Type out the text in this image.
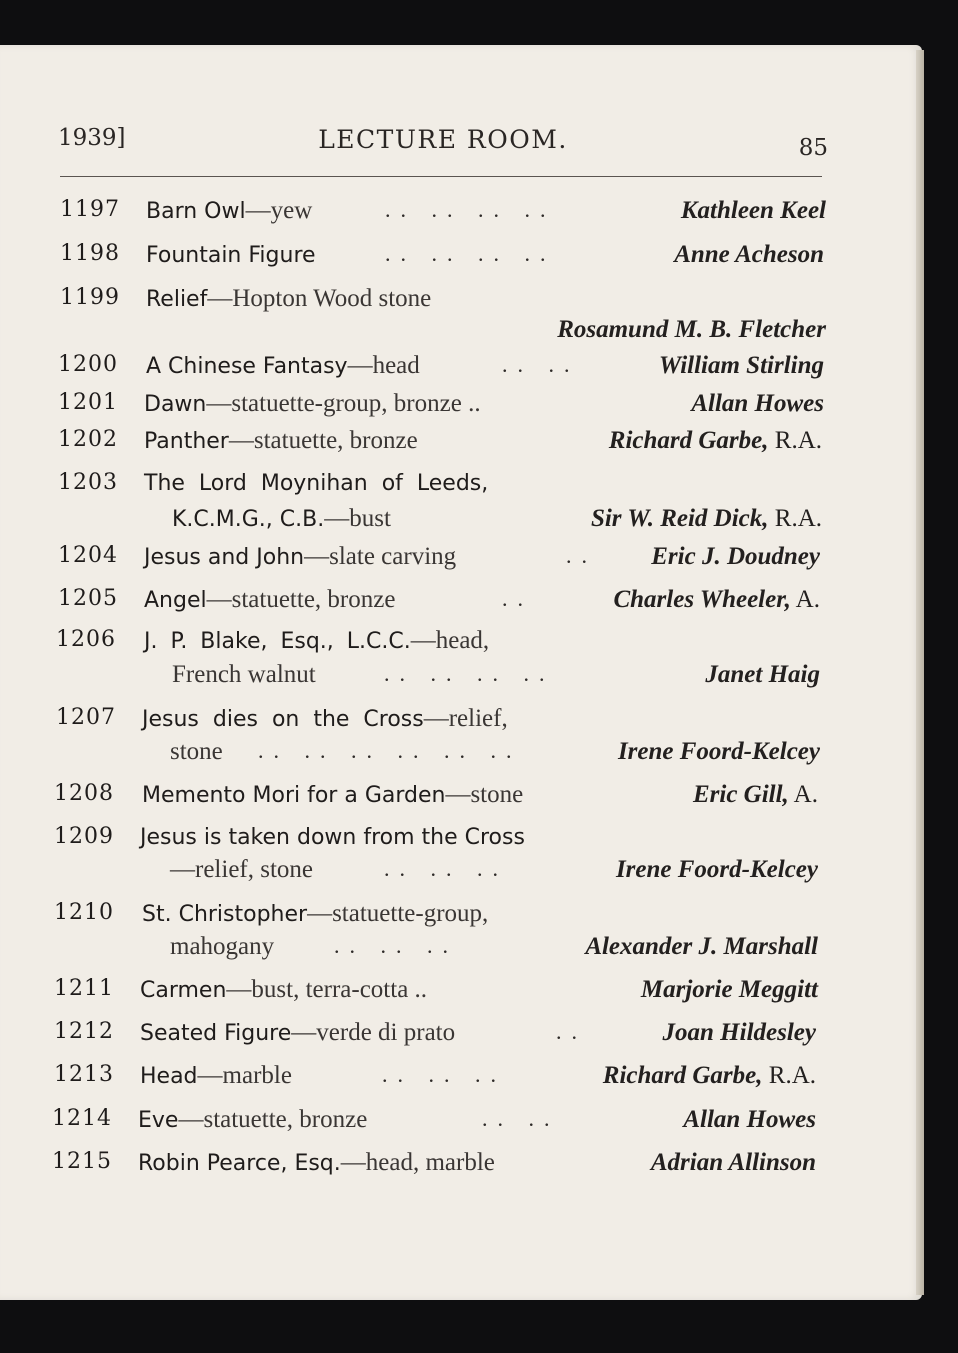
1939]	LECTURE ROOM.	85
1197 Barn Owl—yew	.. .. .. ..	Kathleen Keel
1198 Fountain Figure	.. .. .. ..	Anne Acheson
1199 Relief—Hopton Wood stone
Rosamund M. B. Fletcher
1200 A Chinese Fantasy—head	.. ..	William Stirling
1201 Dawn—statuette-group, bronze ..	Allan Howes
1202 Panther—statuette, bronze	Richard Garbe, R.A.
1203 The  Lord  Moynihan  of  Leeds,
K.C.M.G., C.B.—bust	Sir W. Reid Dick, R.A.
1204 Jesus and John—slate carving	.. Eric J. Doudney
1205 Angel—statuette, bronze	..	Charles Wheeler, A.
1206 J. P. Blake, Esq., L.C.C.—head,
French walnut	.. .. .. ..	Janet Haig
1207 Jesus  dies  on  the  Cross—relief,
stone .. .. .. .. .. ..	Irene Foord-Kelcey
1208 Memento Mori for a Garden—stone	Eric Gill, A.
1209 Jesus is taken down from the Cross
—relief, stone	.. .. ..	Irene Foord-Kelcey
1210 St. Christopher—statuette-group,
mahogany	.. .. ..	Alexander J. Marshall
1211 Carmen—bust, terra-cotta ..	Marjorie Meggitt
1212 Seated Figure—verde di prato	..	Joan Hildesley
1213 Head—marble	.. .. ..	Richard Garbe, R.A.
1214 Eve—statuette, bronze	.. ..	Allan Howes
1215 Robin Pearce, Esq.—head, marble	Adrian Allinson
